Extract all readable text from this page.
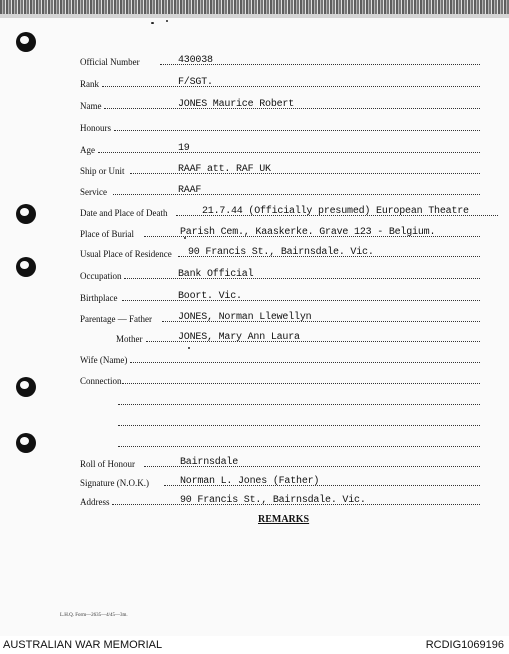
Official Number	430038
Rank	F/SGT.
Name	JONES Maurice Robert
Honours
Age	19
Ship or Unit	RAAF att. RAF UK
Service	RAAF
Date and Place of Death	21.7.44 (Officially presumed) European Theatre
Place of Burial	Parish Cem., Kaaskerke. Grave 123 - Belgium.
Usual Place of Residence 90 Francis St., Bairnsdale. Vic.
Occupation	Bank Official
Birthplace	Boort. Vic.
Parentage — Father	JONES, Norman Llewellyn
Mother	JONES, Mary Ann Laura
Wife (Name)
Connection
Roll of Honour	Bairnsdale
Signature (N.O.K.)	Norman L. Jones (Father)
Address	90 Francis St., Bairnsdale. Vic.
REMARKS
L.H.Q. Form—2635—4/45—3m.
AUSTRALIAN WAR MEMORIAL	RCDIG1069196
